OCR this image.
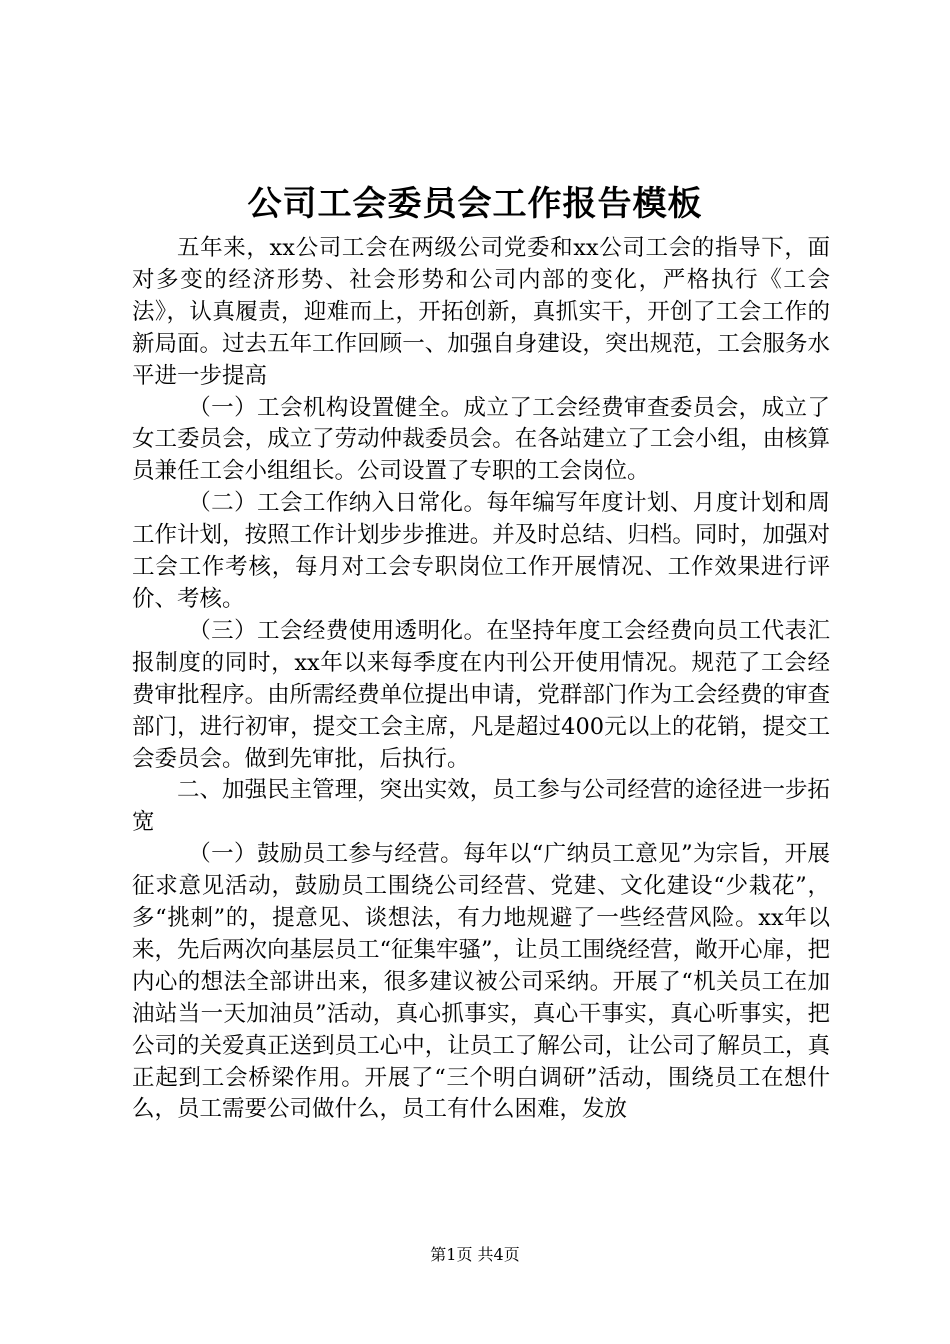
公司工会委员会工作报告模板

五年来，xx公司工会在两级公司党委和xx公司工会的指导下，面对多变的经济形势、社会形势和公司内部的变化，严格执行《工会法》，认真履责，迎难而上，开拓创新，真抓实干，开创了工会工作的新局面。过去五年工作回顾一、加强自身建设，突出规范，工会服务水平进一步提高

（一）工会机构设置健全。成立了工会经费审查委员会，成立了女工委员会，成立了劳动仲裁委员会。在各站建立了工会小组，由核算员兼任工会小组组长。公司设置了专职的工会岗位。

（二）工会工作纳入日常化。每年编写年度计划、月度计划和周工作计划，按照工作计划步步推进。并及时总结、归档。同时，加强对工会工作考核，每月对工会专职岗位工作开展情况、工作效果进行评价、考核。

（三）工会经费使用透明化。在坚持年度工会经费向员工代表汇报制度的同时，xx年以来每季度在内刊公开使用情况。规范了工会经费审批程序。由所需经费单位提出申请，党群部门作为工会经费的审查部门，进行初审，提交工会主席，凡是超过400元以上的花销，提交工会委员会。做到先审批，后执行。

二、加强民主管理，突出实效，员工参与公司经营的途径进一步拓宽

（一）鼓励员工参与经营。每年以“广纳员工意见”为宗旨，开展征求意见活动，鼓励员工围绕公司经营、党建、文化建设“少栽花”，多“挑刺”的，提意见、谈想法，有力地规避了一些经营风险。xx年以来，先后两次向基层员工“征集牢骚”，让员工围绕经营，敞开心扉，把内心的想法全部讲出来，很多建议被公司采纳。开展了“机关员工在加油站当一天加油员”活动，真心抓事实，真心干事实，真心听事实，把公司的关爱真正送到员工心中，让员工了解公司，让公司了解员工，真正起到工会桥梁作用。开展了“三个明白调研”活动，围绕员工在想什么，员工需要公司做什么，员工有什么困难，发放

第1页 共4页
